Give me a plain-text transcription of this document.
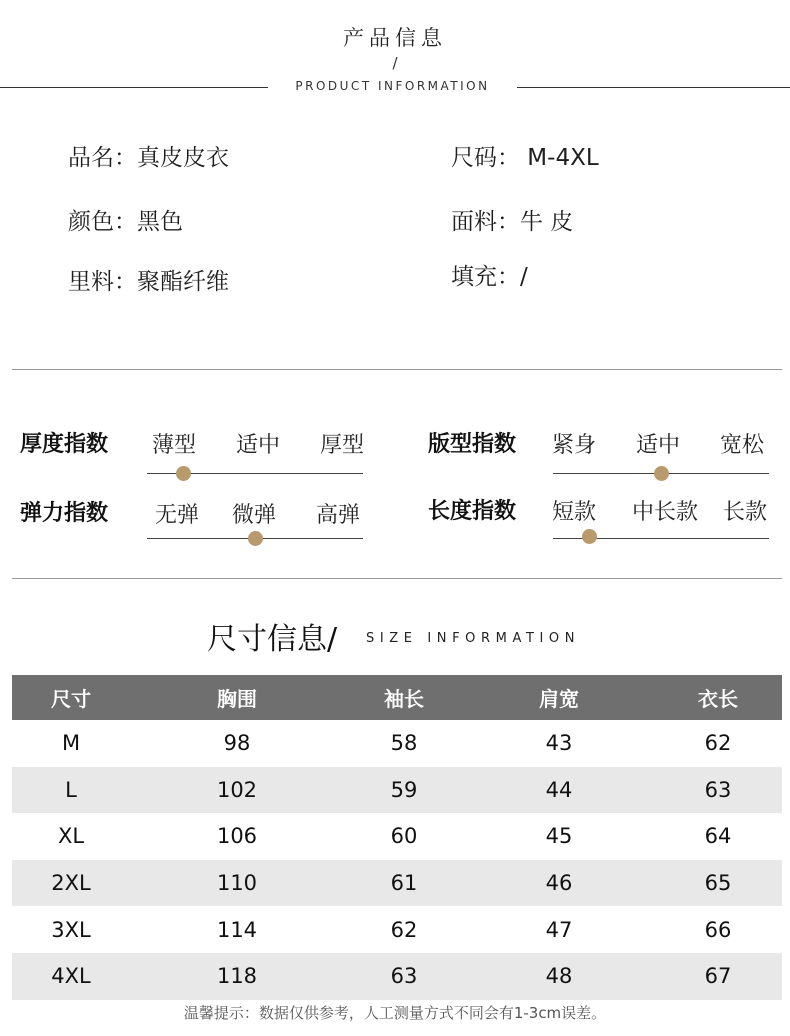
产品信息
/
PRODUCT INFORMATION
品名：真皮皮衣	尺码： M-4XL
颜色：黑色	面料：牛 皮
里料：聚酯纤维	填充：/
厚度指数	薄型	适中	厚型	版型指数	紧身	适中	宽松
弹力指数	无弹	微弹	高弹	长度指数	短款	中长款	长款
尺寸信息/ SIZE INFORMATION
尺寸	胸围	袖长	肩宽	衣长
M	98	58	43	62
L	102	59	44	63
XL	106	60	45	64
2XL	110	61	46	65
3XL	114	62	47	66
4XL	118	63	48	67
温馨提示：数据仅供参考，人工测量方式不同会有1-3cm误差。
